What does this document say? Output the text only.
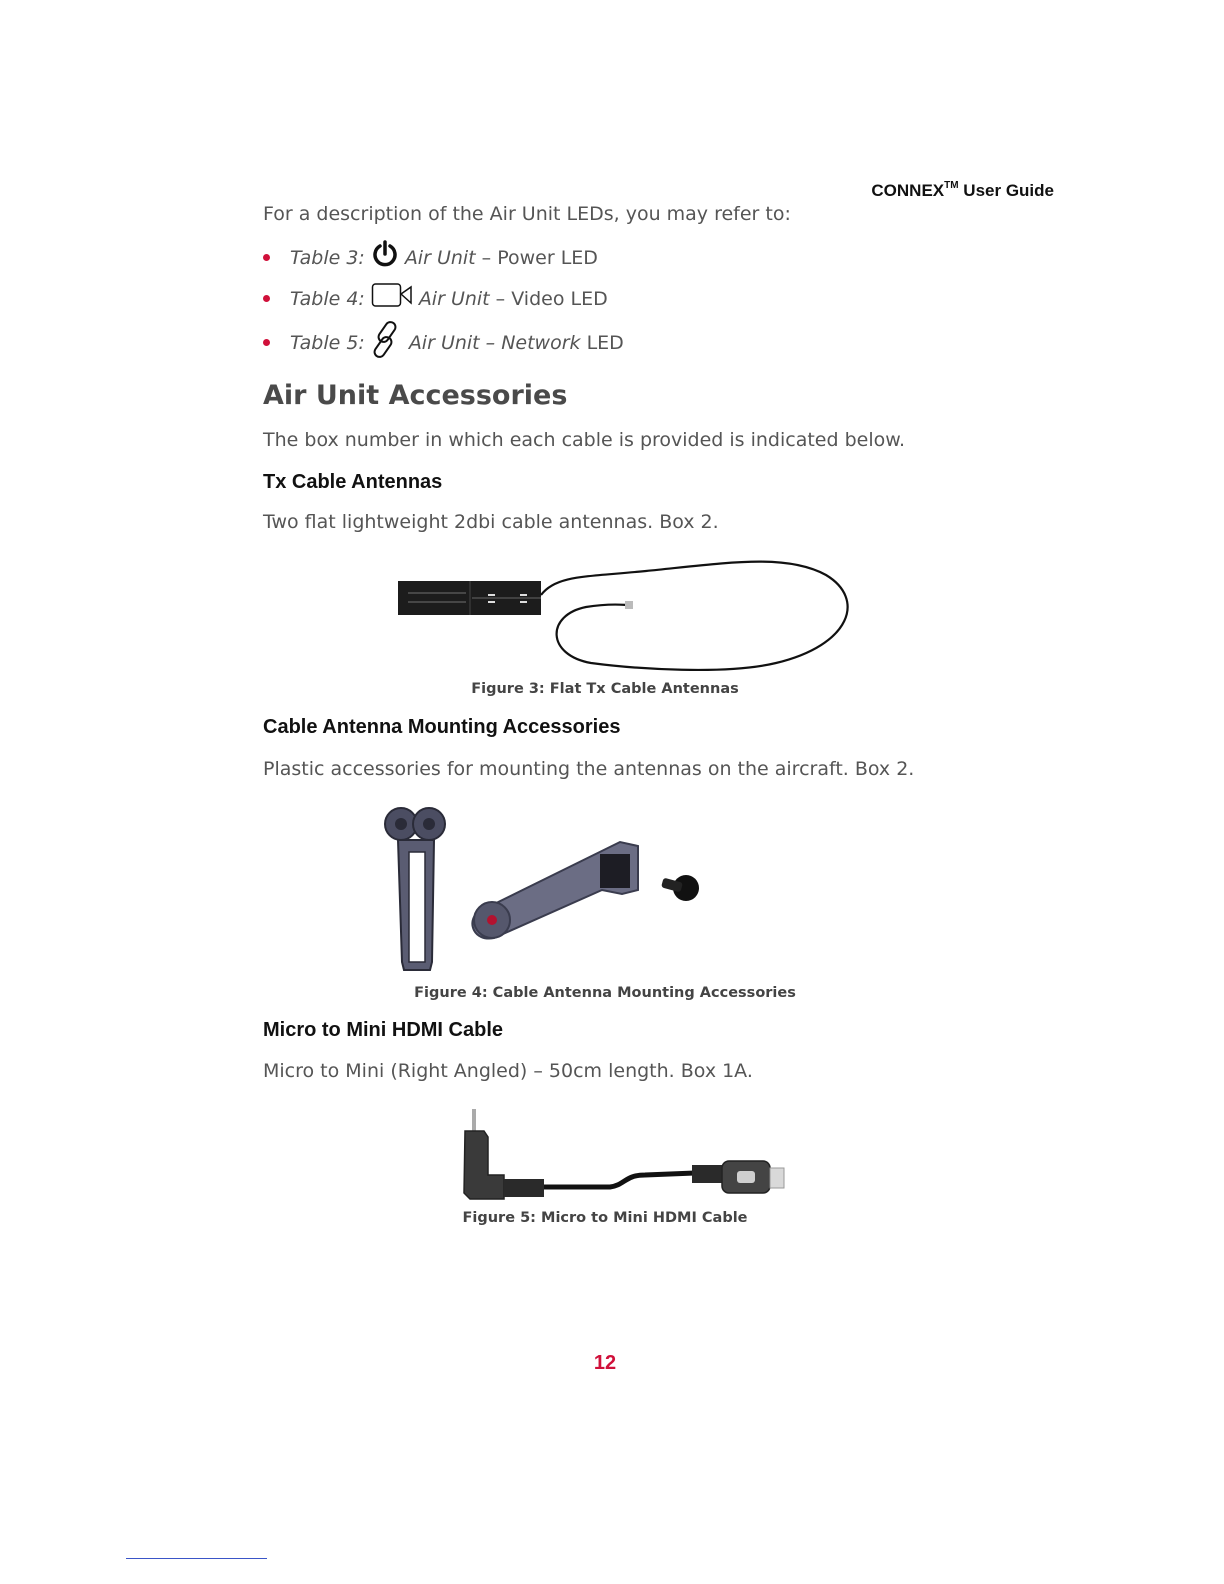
CONNEX™ User Guide
For a description of the Air Unit LEDs, you may refer to:
Table 3: Air Unit – Power LED
Table 4:	Air Unit – Video LED
Table 5: Air Unit – Network
LED
Air Unit Accessories
The box number in which each cable is provided is indicated below.
Tx Cable Antennas
Two flat lightweight 2dbi cable antennas. Box 2.
Figure 3: Flat Tx Cable Antennas
Cable Antenna Mounting Accessories
Plastic accessories for mounting the antennas on the aircraft. Box 2.
Figure 4: Cable Antenna Mounting Accessories
Micro to Mini HDMI Cable
Micro to Mini (Right Angled) – 50cm length. Box 1A.
Figure 5: Micro to Mini HDMI Cable
12
